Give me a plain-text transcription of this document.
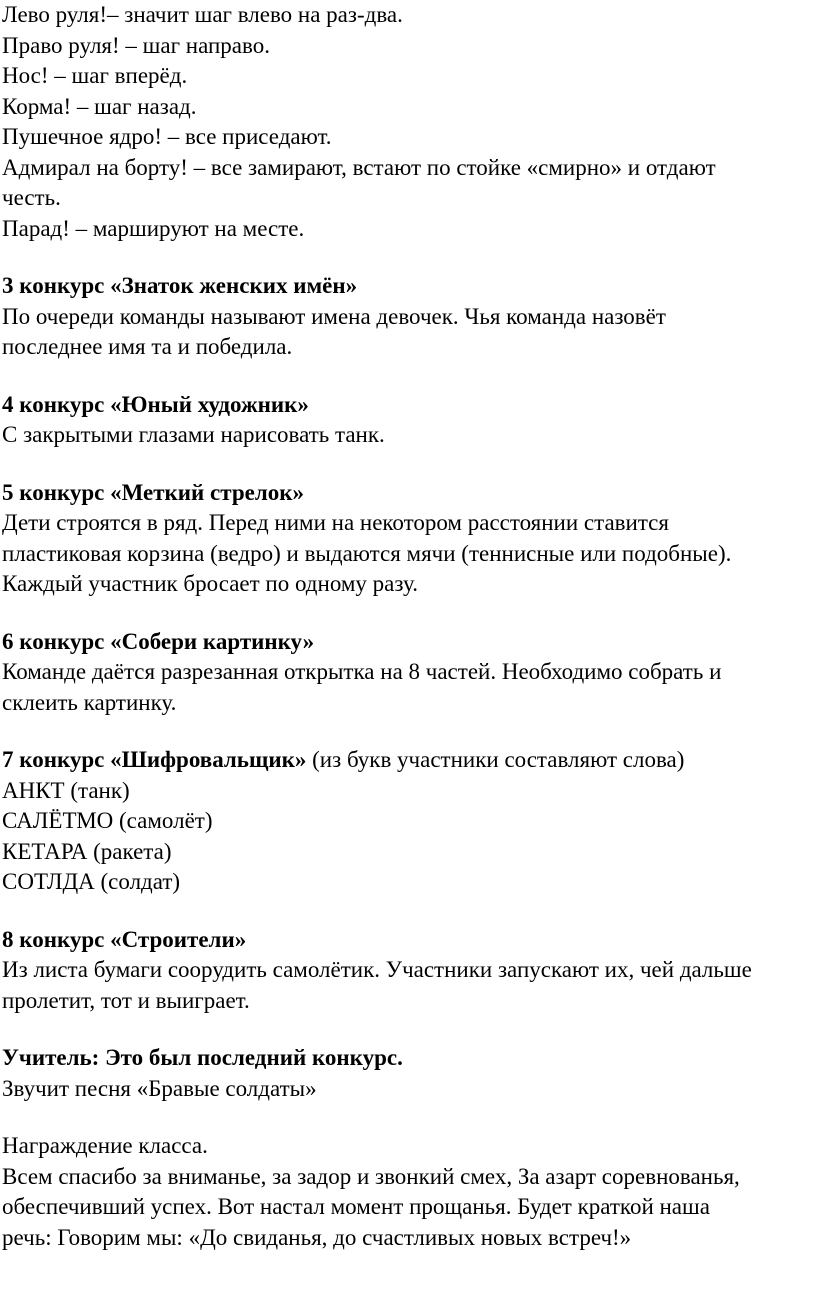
Лево руля!– значит шаг влево на раз-два.
Право руля! – шаг направо.
Нос! – шаг вперёд.
Корма! – шаг назад.
Пушечное ядро! – все приседают.
Адмирал на борту! – все замирают, встают по стойке «смирно» и отдают
честь.
Парад! – маршируют на месте.
3 конкурс «Знаток женских имён»
По очереди команды называют имена девочек. Чья команда назовёт
последнее имя та и победила.
4 конкурс «Юный художник»
С закрытыми глазами нарисовать танк.
5 конкурс «Меткий стрелок»
Дети строятся в ряд. Перед ними на некотором расстоянии ставится
пластиковая корзина (ведро) и выдаются мячи (теннисные или подобные).
Каждый участник бросает по одному разу.
6 конкурс «Собери картинку»
Команде даётся разрезанная открытка на 8 частей. Необходимо собрать и
склеить картинку.
7 конкурс «Шифровальщик» (из букв участники составляют слова)
АНКТ (танк)
САЛЁТМО (самолёт)
КЕТАРА (ракета)
СОТЛДА (солдат)
8 конкурс «Строители»
Из листа бумаги соорудить самолётик. Участники запускают их, чей дальше
пролетит, тот и выиграет.
Учитель: Это был последний конкурс.
Звучит песня «Бравые солдаты»
Награждение класса.
Всем спасибо за вниманье, за задор и звонкий смех, За азарт соревнованья,
обеспечивший успех. Вот настал момент прощанья. Будет краткой наша
речь: Говорим мы: «До свиданья, до счастливых новых встреч!»
